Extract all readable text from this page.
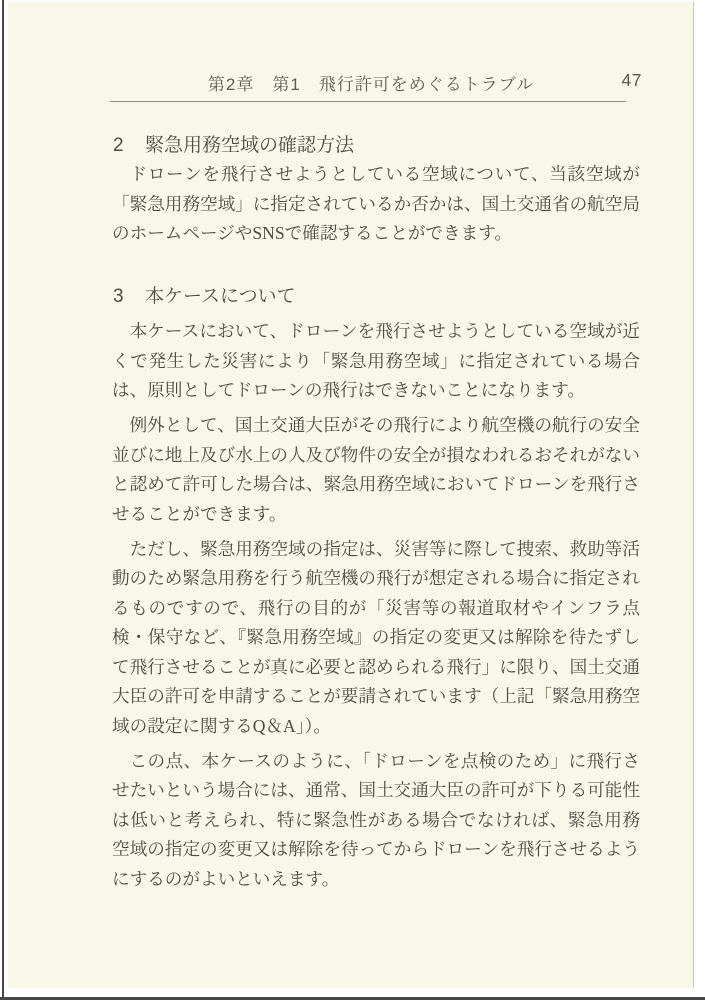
第2章　第1　飛行許可をめぐるトラブル	47
2 緊急用務空域の確認方法

ドローンを飛行させようとしている空域について、当該空域が「緊急用務空域」に指定されているか否かは、国土交通省の航空局のホームページやSNSで確認することができます。

3 本ケースについて

本ケースにおいて、ドローンを飛行させようとしている空域が近くで発生した災害により「緊急用務空域」に指定されている場合は、原則としてドローンの飛行はできないことになります。

例外として、国土交通大臣がその飛行により航空機の航行の安全並びに地上及び水上の人及び物件の安全が損なわれるおそれがないと認めて許可した場合は、緊急用務空域においてドローンを飛行させることができます。

ただし、緊急用務空域の指定は、災害等に際して捜索、救助等活動のため緊急用務を行う航空機の飛行が想定される場合に指定されるものですので、飛行の目的が「災害等の報道取材やインフラ点検・保守など、『緊急用務空域』の指定の変更又は解除を待たずして飛行させることが真に必要と認められる飛行」に限り、国土交通大臣の許可を申請することが要請されています（上記「緊急用務空域の設定に関するQ＆A」）。

この点、本ケースのように、「ドローンを点検のため」に飛行させたいという場合には、通常、国土交通大臣の許可が下りる可能性は低いと考えられ、特に緊急性がある場合でなければ、緊急用務空域の指定の変更又は解除を待ってからドローンを飛行させるようにするのがよいといえます。
